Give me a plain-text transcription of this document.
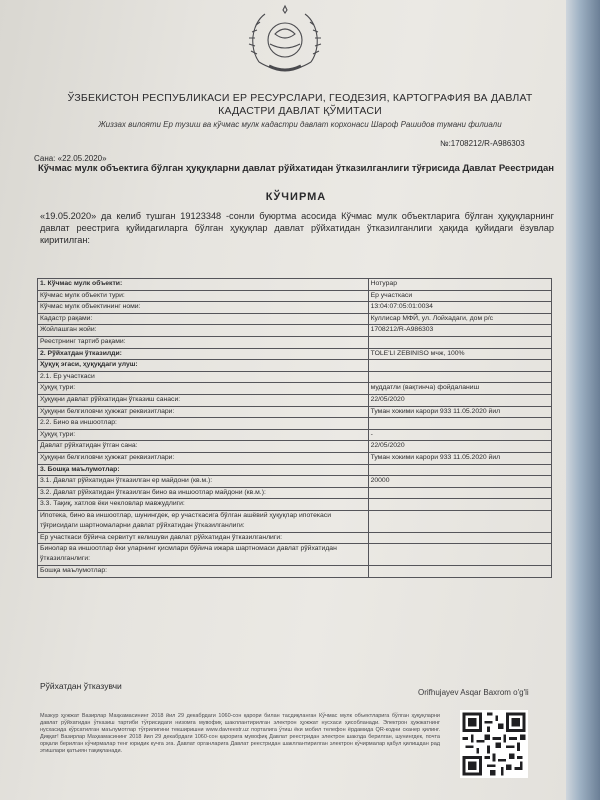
ЎЗБЕКИСТОН РЕСПУБЛИКАСИ ЕР РЕСУРСЛАРИ, ГЕОДЕЗИЯ, КАРТОГРАФИЯ ВА ДАВЛАТ КАДАСТРИ ДАВЛАТ ҚЎМИТАСИ
Жиззах вилояти Ер тузиш ва кўчмас мулк кадастри давлат корхонаси Шароф Рашидов тумани филиали
№:1708212/R-A986303
Сана: «22.05.2020»
Кўчмас мулк объектига бўлган ҳуқуқларни давлат рўйхатидан ўтказилганлиги тўғрисида Давлат Реестридан
КЎЧИРМА
«19.05.2020» да келиб тушган 19123348 -сонли буюртма асосида Кўчмас мулк объектларига бўлган ҳуқуқларнинг давлат реестрига қуйидагиларга бўлган ҳуқуқлар давлат рўйхатидан ўтказилганлиги ҳақида қуйидаги ёзувлар киритилган:
1. Кўчмас мулк объекти:	Нотурар
Кўчмас мулк объекти тури:	Ер участкаси
Кўчмас мулк объектининг номи:	13:04:07:05:01:0034
Кадастр рақами:	Куллисар МФЙ, ул. Лойхадаги, дом р/с
Жойлашган жойи:	1708212/R-A986303
Реестрнинг тартиб рақами:	
2. Рўйхатдан ўтказилди:	TOLE'LI ZEBINISO мчж, 100%
Ҳуқуқ эгаси, ҳуқуқдаги улуш:	
2.1. Ер участкаси	
Ҳуқуқ тури:	муддатли (вақтинча) фойдаланиш
Ҳуқуқни давлат рўйхатидан ўтказиш санаси:	22/05/2020
Ҳуқуқни белгиловчи ҳужжат реквизитлари:	Туман хокими карори 933 11.05.2020 йил
2.2. Бино ва иншоотлар:	
Ҳуқуқ тури:	-
Давлат рўйхатидан ўтган сана:	22/05/2020
Ҳуқуқни белгиловчи ҳужжат реквизитлари:	Туман хокими карори 933 11.05.2020 йил
3. Бошқа маълумотлар:	
3.1. Давлат рўйхатидан ўтказилган ер майдони (кв.м.):	20000
3.2. Давлат рўйхатидан ўтказилган бино ва иншоотлар майдони (кв.м.):	
3.3. Тақиқ, хатлов ёки чекловлар мавжудлиги:	
Ипотека, бино ва иншоотлар, шунингдек, ер участкасига бўлган ашёвий ҳуқуқлар ипотекаси тўғрисидаги шартномаларни давлат рўйхатидан ўтказилганлиги:	
Ер участкаси бўйича сервитут келишуви давлат рўйхатидан ўтказилганлиги:	
Бинолар ва иншоотлар ёки уларнинг қисмлари бўйича ижара шартномаси давлат рўйхатидан ўтказилганлиги:	
Бошқа маълумотлар:	
Рўйхатдан ўтказувчи
Orifhujayev Asqar Baxrom o'g'li
Мазкур ҳужжат Вазирлар Маҳкамасининг 2018 йил 29 декабрдаги 1060-сон қарори билан тасдиқланган Кўчмас мулк объектларига бўлган ҳуқуқларни давлат рўйхатидан ўтказиш тартиби тўғрисидаги низомга мувофиқ шакллантирилган электрон ҳужжат нусхаси ҳисобланади. Электрон ҳужжатнинг нусхасида кўрсатилган маълумотлар тўғрилигини текширишни www.davreestr.uz порталига ўтиш ёки мобил телефон ёрдамида QR-кодни сканер қилинг. Диққат! Вазирлар Маҳкамасининг 2018 йил 29 декабрдаги 1060-сон қарорига мувофиқ Давлат реестридан электрон шаклда берилган, шунингдек, почта орқали берилган кўчирмалар тенг юридик кучга эга. Давлат органларига Давлат реестридан шакллантирилган электрон кўчирмалар қабул қилишдан рад этишлари қатъиян тақиқланади.
